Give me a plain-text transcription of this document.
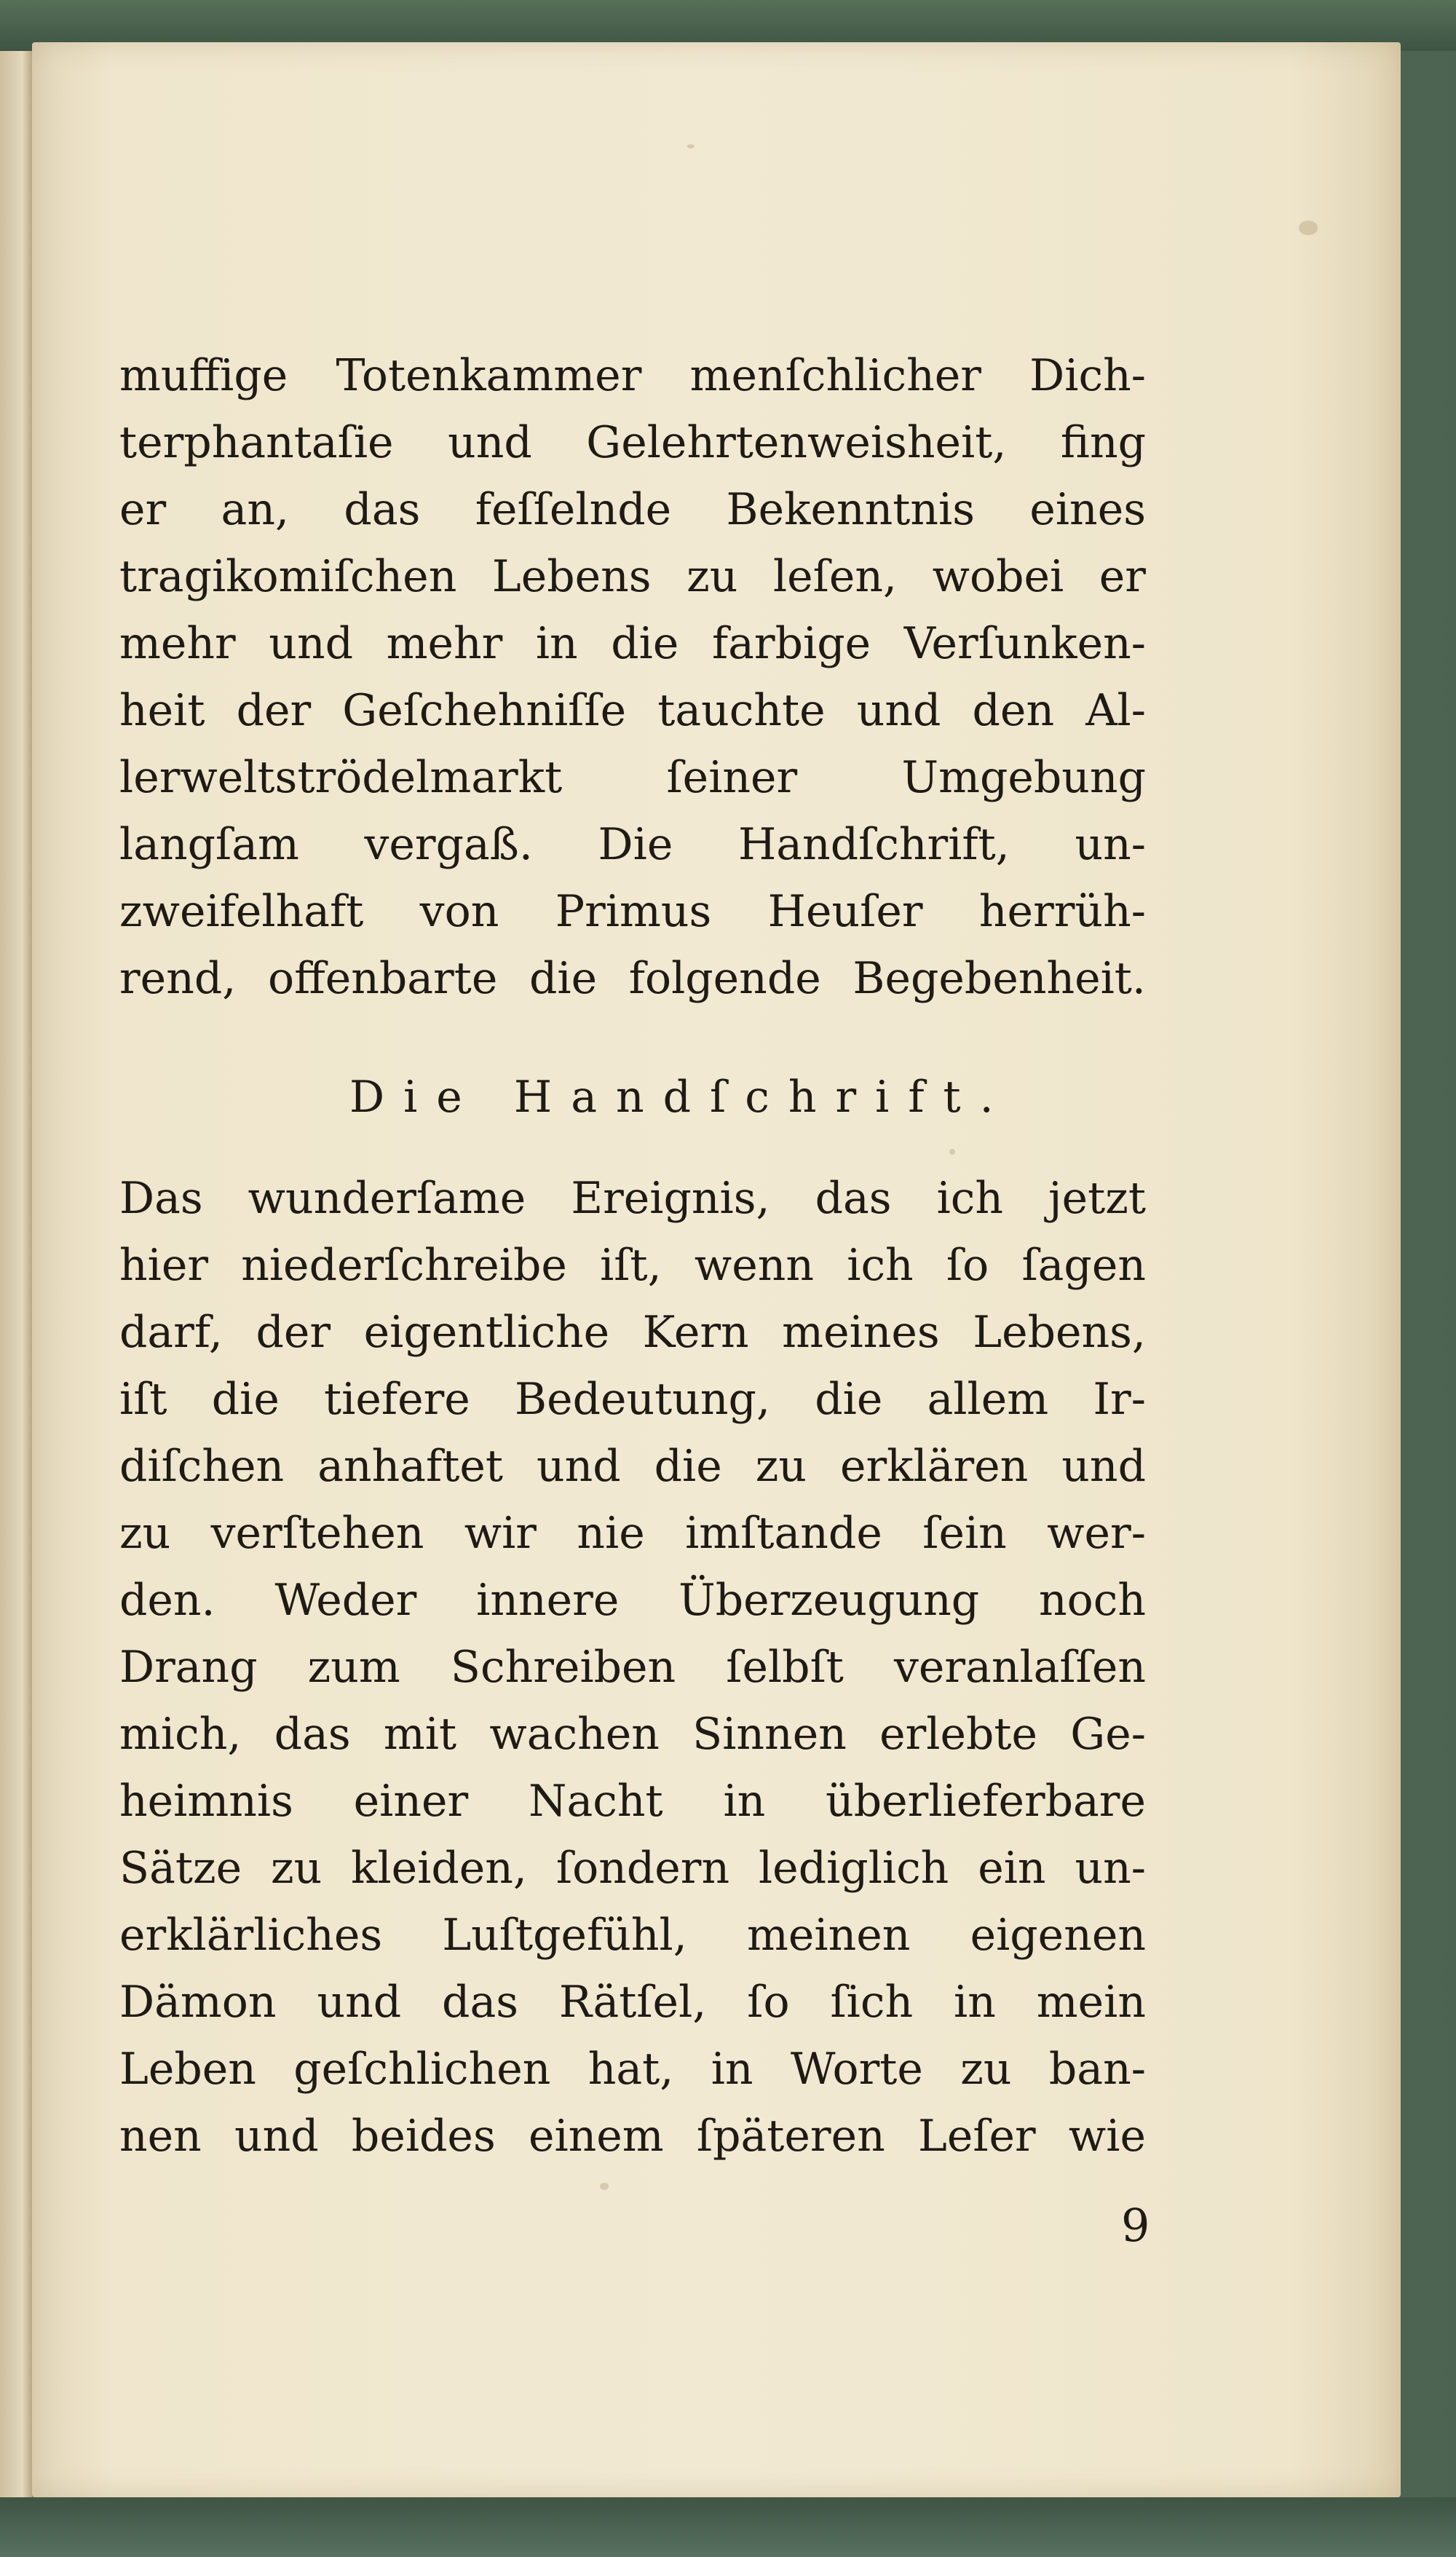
muffige Totenkammer menſchlicher Dich-
terphantaſie und Gelehrtenweisheit, fing
er an, das feſſelnde Bekenntnis eines
tragikomiſchen Lebens zu leſen, wobei er
mehr und mehr in die farbige Verſunken-
heit der Geſchehniſſe tauchte und den Al-
lerweltströdelmarkt ſeiner Umgebung
langſam vergaß. Die Handſchrift, un-
zweifelhaft von Primus Heuſer herrüh-
rend, offenbarte die folgende Begebenheit.
Die Handſchrift.
Das wunderſame Ereignis, das ich jetzt
hier niederſchreibe iſt, wenn ich ſo ſagen
darf, der eigentliche Kern meines Lebens,
iſt die tiefere Bedeutung, die allem Ir-
diſchen anhaftet und die zu erklären und
zu verſtehen wir nie imſtande ſein wer-
den. Weder innere Überzeugung noch
Drang zum Schreiben ſelbſt veranlaſſen
mich, das mit wachen Sinnen erlebte Ge-
heimnis einer Nacht in überlieferbare
Sätze zu kleiden, ſondern lediglich ein un-
erklärliches Luſtgefühl, meinen eigenen
Dämon und das Rätſel, ſo ſich in mein
Leben geſchlichen hat, in Worte zu ban-
nen und beides einem ſpäteren Leſer wie
9
